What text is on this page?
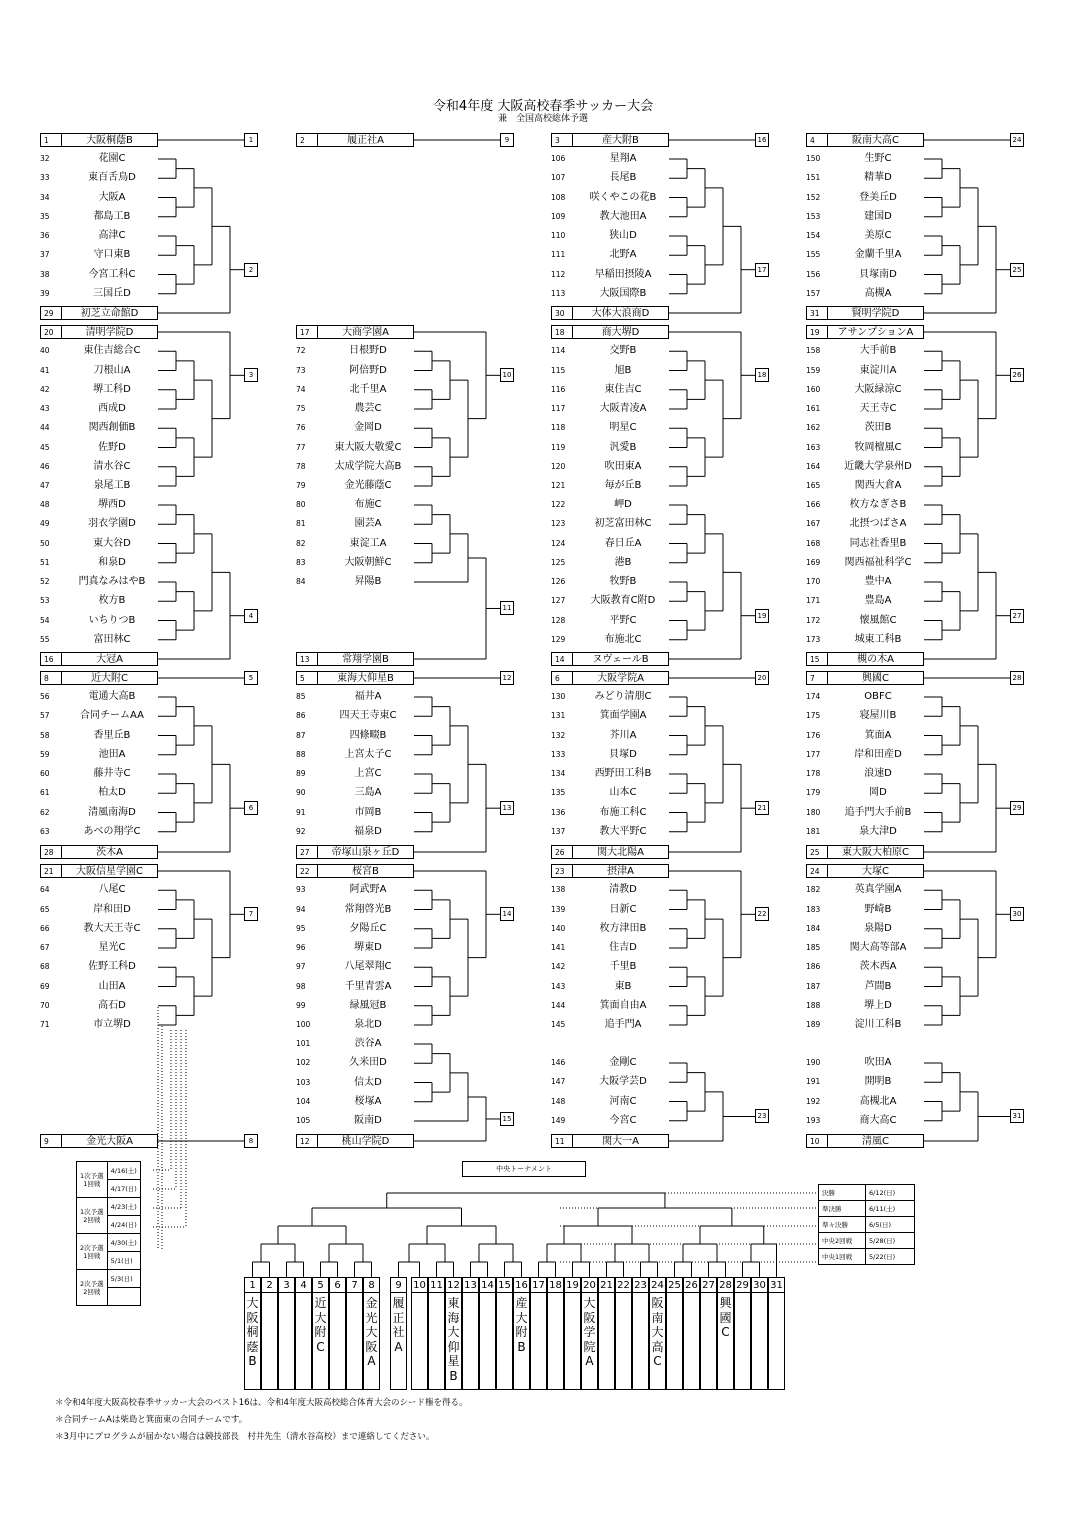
令和4年度 大阪高校春季サッカー大会
兼　全国高校総体予選
1	大阪桐蔭B	1
32	花園C
33	東百舌鳥D
34	大阪A
35	都島工B
36	高津C
37	守口東B
38	今宮工科C
39	三国丘D
29	初芝立命館D
2
20	清明学院D
40	東住吉総合C
41	刀根山A
42	堺工科D
43	西成D
44	関西創価B
45	佐野D
46	清水谷C
47	泉尾工B
3
48	堺西D
49	羽衣学園D
50	東大谷D
51	和泉D
52	門真なみはやB
53	枚方B
54	いちりつB
55	富田林C
16	大冠A
4
8	近大附C	5
56	電通大高B
57	合同チームAA
58	香里丘B
59	池田A
60	藤井寺C
61	柏太D
62	清風南海D
63	あべの翔学C
28	茨木A
6
21	大阪信星学園C
64	八尾C
65	岸和田D
66	教大天王寺C
67	星光C
68	佐野工科D
69	山田A
70	高石D
71	市立堺D
7
9	金光大阪A	8
2	履正社A	9
17	大商学園A
72	日根野D
73	阿倍野D
74	北千里A
75	農芸C
76	金岡D
77	東大阪大敬愛C
78	太成学院大高B
79	金光藤蔭C
10
80	布施C
81	園芸A
82	東淀工A
83	大阪朝鮮C
84	昇陽B
13	常翔学園B
11
5	東海大仰星B	12
85	福井A
86	四天王寺東C
87	四條畷B
88	上宮太子C
89	上宮C
90	三島A
91	市岡B
92	福泉D
27	帝塚山泉ヶ丘D
13
22	桜宮B
93	阿武野A
94	常翔啓光B
95	夕陽丘C
96	堺東D
97	八尾翠翔C
98	千里青雲A
99	緑風冠B
100	泉北D
14
101	渋谷A
102	久米田D
103	信太D
104	桜塚A
105	阪南D
12	桃山学院D
15
3	産大附B	16
106	星翔A
107	長尾B
108	咲くやこの花B
109	教大池田A
110	狭山D
111	北野A
112	早稲田摂陵A
113	大阪国際B
30	大体大浪商D
17
18	商大堺D
114	交野B
115	旭B
116	東住吉C
117	大阪青凌A
118	明星C
119	汎愛B
120	吹田東A
121	毎が丘B
18
122	岬D
123	初芝富田林C
124	春日丘A
125	港B
126	牧野B
127	大阪教育C附D
128	平野C
129	布施北C
14	ヌヴェールB
19
6	大阪学院A	20
130	みどり清朋C
131	箕面学園A
132	芥川A
133	貝塚D
134	西野田工科B
135	山本C
136	布施工科C
137	教大平野C
26	関大北陽A
21
23	摂津A
138	清教D
139	日新C
140	枚方津田B
141	住吉D
142	千里B
143	東B
144	箕面自由A
145	追手門A
22
146	金剛C
147	大阪学芸D
148	河南C
149	今宮C
11	関大一A
23
4	阪南大高C	24
150	生野C
151	精華D
152	登美丘D
153	建国D
154	美原C
155	金蘭千里A
156	貝塚南D
157	高槻A
31	賢明学院D
25
19	アサンプションA
158	大手前B
159	東淀川A
160	大阪緑涼C
161	天王寺C
162	茨田B
163	牧岡檀風C
164	近畿大学泉州D
165	関西大倉A
26
166	枚方なぎさB
167	北摂つばさA
168	同志社香里B
169	関西福祉科学C
170	豊中A
171	豊島A
172	懐風館C
173	城東工科B
15	槻の木A
27
7	興國C	28
174	OBFC
175	寝屋川B
176	箕面A
177	岸和田産D
178	浪速D
179	岡D
180	追手門大手前B
181	泉大津D
25	東大阪大柏原C
29
24	大塚C
182	英真学園A
183	野崎B
184	泉陽D
185	関大高等部A
186	茨木西A
187	芦間B
188	堺上D
189	淀川工科B
30
190	吹田A
191	開明B
192	高槻北A
193	商大高C
10	清風C
31
1次予選
1回戦	4/16(土)
	4/17(日)
1次予選
2回戦	4/23(土)
	4/24(日)
2次予選
1回戦	4/30(土)
	5/1(日)
2次予選
2回戦	5/3(日)

中央トーナメント
決勝	6/12(日)
準決勝	6/11(土)
準々決勝	6/5(日)
中央2回戦	5/28(日)
中央1回戦	5/22(日)
1
大
阪
桐
蔭
B
2	3	4	5
近
大
附
C
6	7	8
金
光
大
阪
A
9
履
正
社
A
10 11 12
東
海
大
仰
星
B
13 14 15 16
産
大
附
B
17 18 19 20
大
阪
学
院
A
21 22 23 24
阪
南
大
高
C
25 26 27 28
興
國
C
29 30 31
＊令和4年度大阪高校春季サッカー大会のベスト16は、令和4年度大阪高校総合体育大会のシード権を得る。
＊合同チームAは柴島と箕面東の合同チームです。
＊3月中にプログラムが届かない場合は競技部長　村井先生（清水谷高校）まで連絡してください。
